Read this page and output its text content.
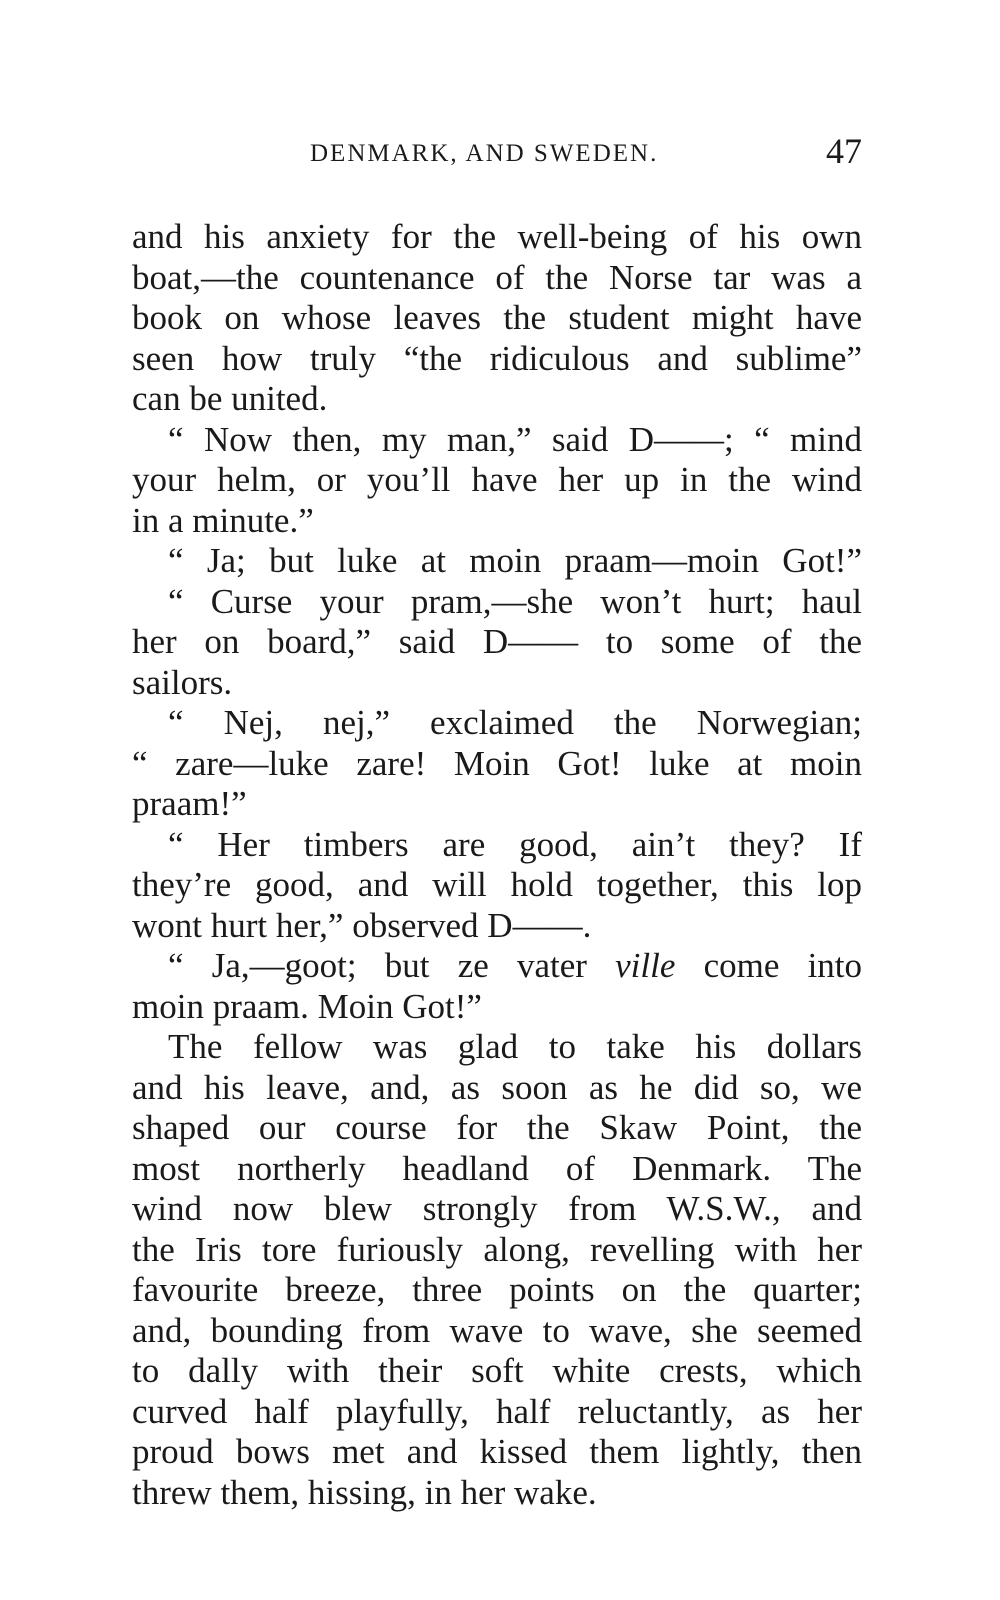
DENMARK, AND SWEDEN.	47
and his anxiety for the well-being of his own
boat,—the countenance of the Norse tar was a
book on whose leaves the student might have
seen how truly “the ridiculous and sublime”
can be united.
“ Now then, my man,” said D——; “ mind
your helm, or you’ll have her up in the wind
in a minute.”
“ Ja; but luke at moin praam—moin Got!”
“ Curse your pram,—she won’t hurt; haul
her on board,” said D—— to some of the
sailors.
“ Nej, nej,” exclaimed the Norwegian;
“ zare—luke zare! Moin Got! luke at moin
praam!”
“ Her timbers are good, ain’t they? If
they’re good, and will hold together, this lop
wont hurt her,” observed D——.
“ Ja,—goot; but ze vater ville come into
moin praam. Moin Got!”
The fellow was glad to take his dollars
and his leave, and, as soon as he did so, we
shaped our course for the Skaw Point, the
most northerly headland of Denmark. The
wind now blew strongly from W.S.W., and
the Iris tore furiously along, revelling with her
favourite breeze, three points on the quarter;
and, bounding from wave to wave, she seemed
to dally with their soft white crests, which
curved half playfully, half reluctantly, as her
proud bows met and kissed them lightly, then
threw them, hissing, in her wake.
